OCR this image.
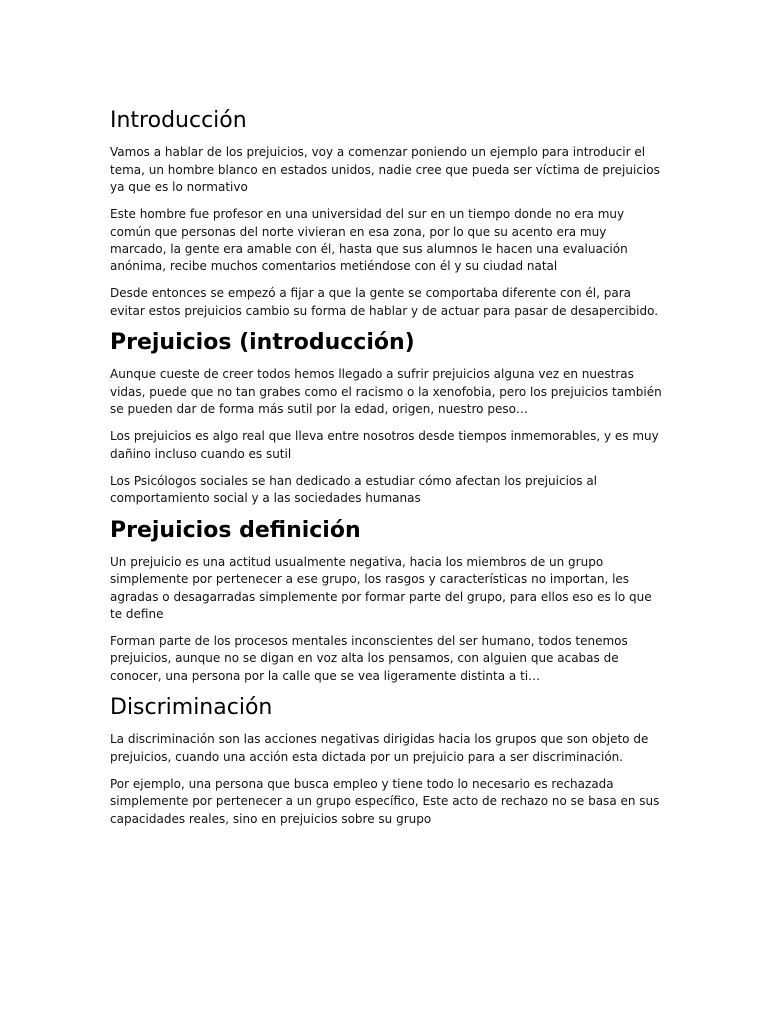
Introducción

Vamos a hablar de los prejuicios, voy a comenzar poniendo un ejemplo para introducir el tema, un hombre blanco en estados unidos, nadie cree que pueda ser víctima de prejuicios ya que es lo normativo

Este hombre fue profesor en una universidad del sur en un tiempo donde no era muy común que personas del norte vivieran en esa zona, por lo que su acento era muy marcado, la gente era amable con él, hasta que sus alumnos le hacen una evaluación anónima, recibe muchos comentarios metiéndose con él y su ciudad natal

Desde entonces se empezó a fijar a que la gente se comportaba diferente con él, para evitar estos prejuicios cambio su forma de hablar y de actuar para pasar de desapercibido.

Prejuicios (introducción)

Aunque cueste de creer todos hemos llegado a sufrir prejuicios alguna vez en nuestras vidas, puede que no tan grabes como el racismo o la xenofobia, pero los prejuicios también se pueden dar de forma más sutil por la edad, origen, nuestro peso…

Los prejuicios es algo real que lleva entre nosotros desde tiempos inmemorables, y es muy dañino incluso cuando es sutil

Los Psicólogos sociales se han dedicado a estudiar cómo afectan los prejuicios al comportamiento social y a las sociedades humanas

Prejuicios definición

Un prejuicio es una actitud usualmente negativa, hacia los miembros de un grupo simplemente por pertenecer a ese grupo, los rasgos y características no importan, les agradas o desagarradas simplemente por formar parte del grupo, para ellos eso es lo que te define

Forman parte de los procesos mentales inconscientes del ser humano, todos tenemos prejuicios, aunque no se digan en voz alta los pensamos, con alguien que acabas de conocer, una persona por la calle que se vea ligeramente distinta a ti…

Discriminación

La discriminación son las acciones negativas dirigidas hacia los grupos que son objeto de prejuicios, cuando una acción esta dictada por un prejuicio para a ser discriminación.

Por ejemplo, una persona que busca empleo y tiene todo lo necesario es rechazada simplemente por pertenecer a un grupo específico, Este acto de rechazo no se basa en sus capacidades reales, sino en prejuicios sobre su grupo
